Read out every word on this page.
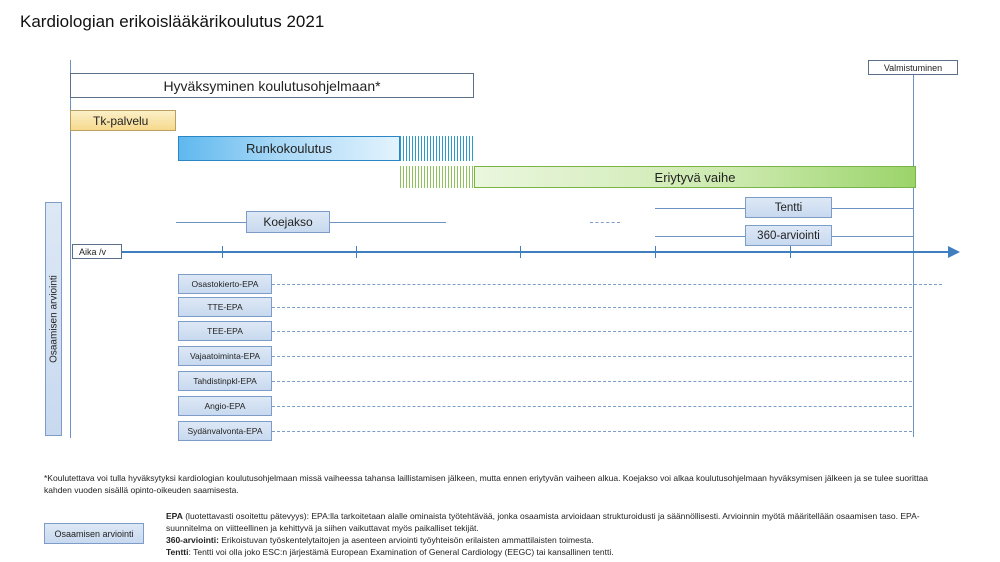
Kardiologian erikoislääkärikoulutus 2021
Hyväksyminen koulutusohjelmaan*
Valmistuminen
Tk-palvelu
Runkokoulutus
Eriytyvä vaihe
Koejakso
Tentti
360-arviointi
Osaamisen arviointi
Aika /v
Osastokierto-EPA
TTE-EPA
TEE-EPA
Vajaatoiminta-EPA
Tahdistinpkl-EPA
Angio-EPA
Sydänvalvonta-EPA
*Koulutettava voi tulla hyväksytyksi kardiologian koulutusohjelmaan missä vaiheessa tahansa laillistamisen jälkeen, mutta ennen eriytyvän vaiheen alkua. Koejakso voi alkaa koulutusohjelmaan hyväksymisen jälkeen ja se tulee suorittaa kahden vuoden sisällä opinto-oikeuden saamisesta.
Osaamisen arviointi
EPA (luotettavasti osoitettu pätevyys): EPA:lla tarkoitetaan alalle ominaista työtehtävää, jonka osaamista arvioidaan strukturoidusti ja säännöllisesti. Arvioinnin myötä määritellään osaamisen taso. EPA-suunnitelma on viitteellinen ja kehittyvä ja siihen vaikuttavat myös paikalliset tekijät.
360-arviointi: Erikoistuvan työskentelytaitojen ja asenteen arviointi työyhteisön erilaisten ammattilaisten toimesta.
Tentti: Tentti voi olla joko ESC:n järjestämä European Examination of General Cardiology (EEGC) tai kansallinen tentti.
